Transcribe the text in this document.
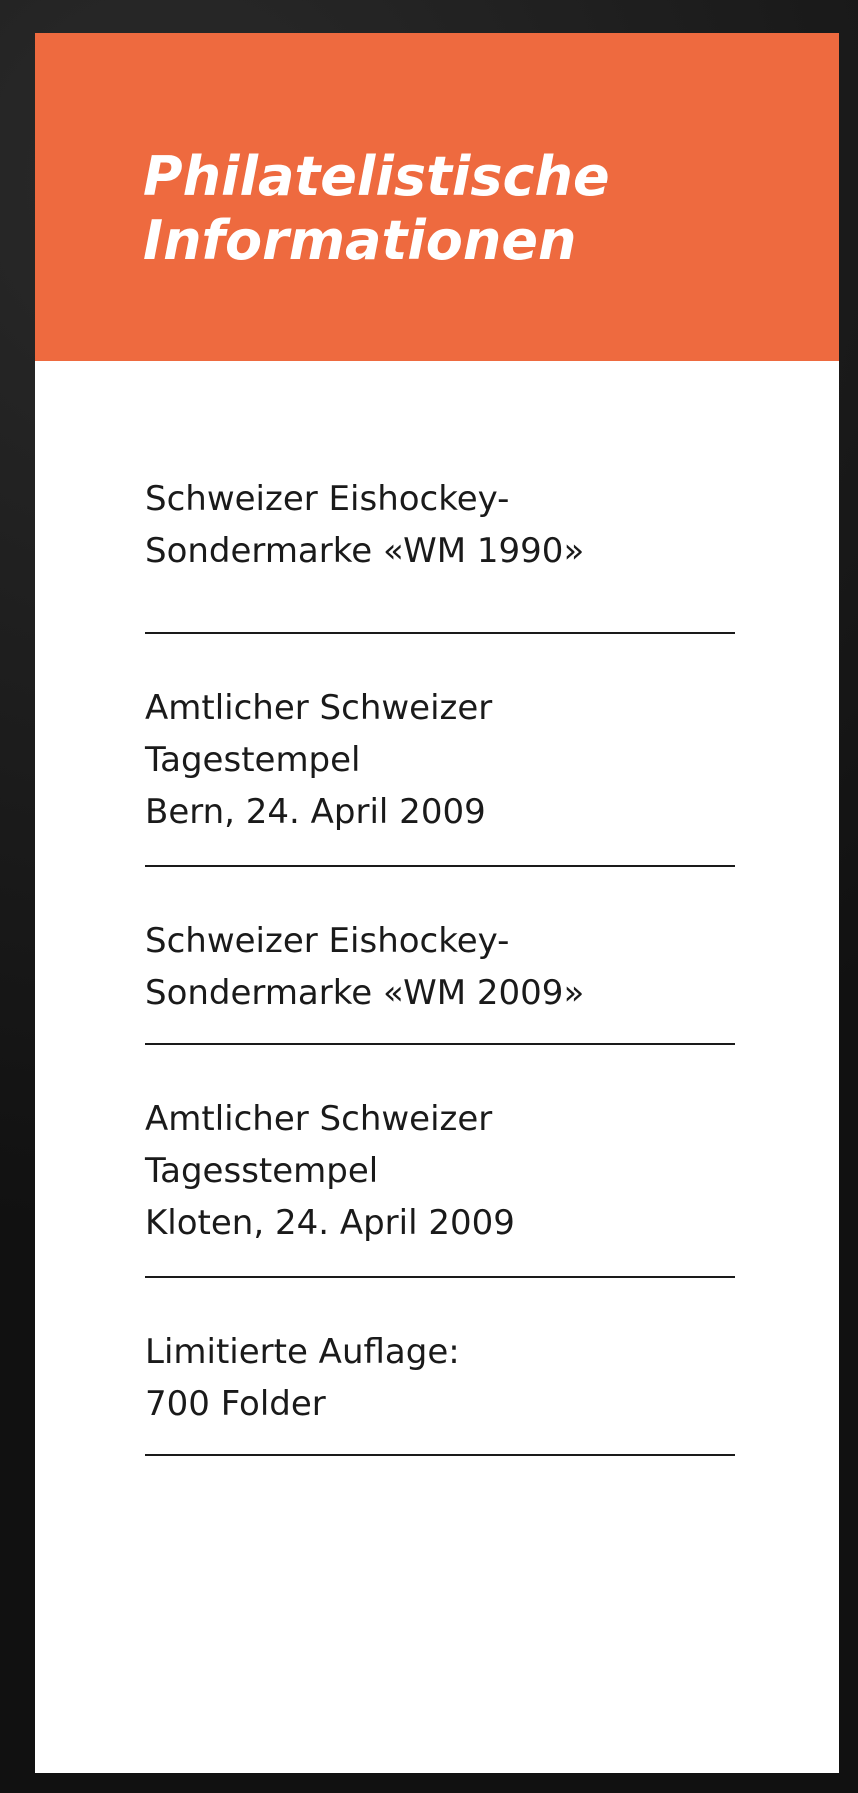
Philatelistische
Informationen
Schweizer Eishockey-
Sondermarke «WM 1990»
Amtlicher Schweizer
Tagestempel
Bern, 24. April 2009
Schweizer Eishockey-
Sondermarke «WM 2009»
Amtlicher Schweizer
Tagesstempel
Kloten, 24. April 2009
Limitierte Auflage:
700 Folder
